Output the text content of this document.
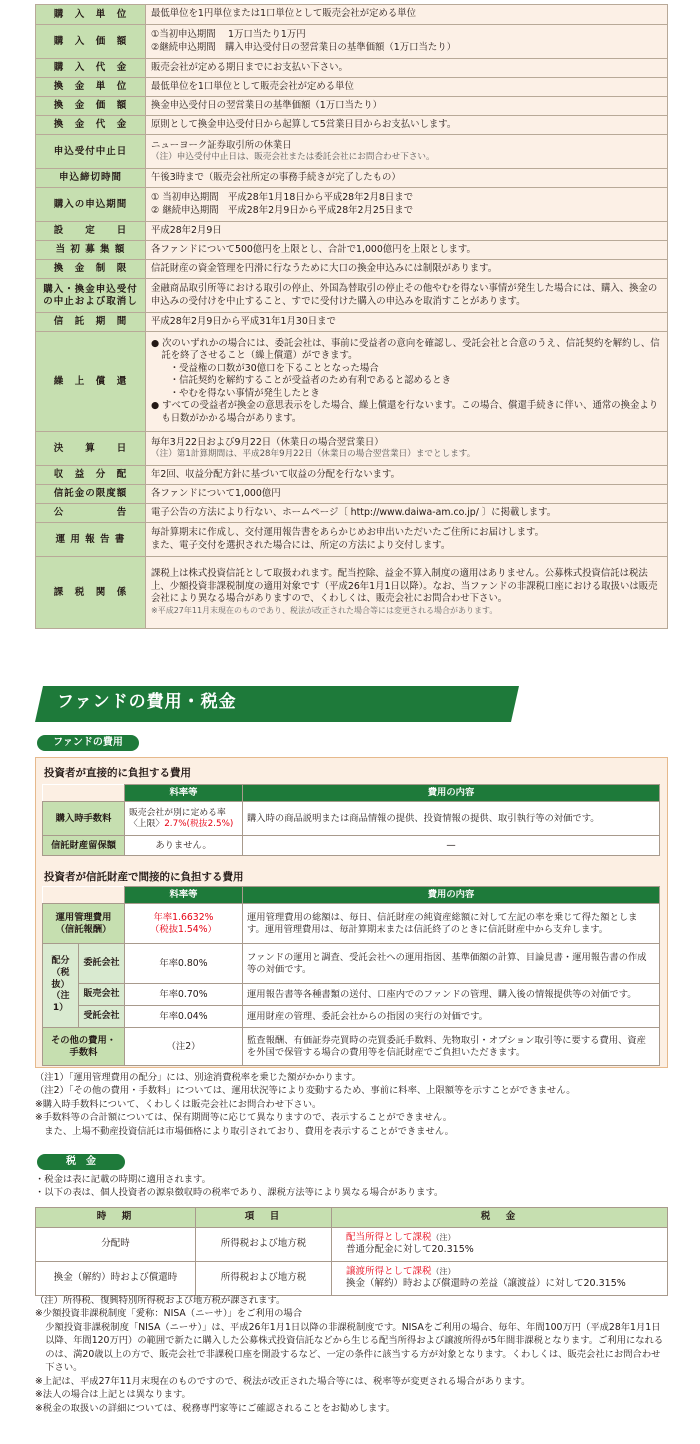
購　入　単　位	最低単位を1円単位または1口単位として販売会社が定める単位

購　入　価　額	①当初申込期間　 1万口当たり1万円
②継続申込期間　購入申込受付日の翌営業日の基準価額（1万口当たり）

購　入　代　金	販売会社が定める期日までにお支払い下さい。

換　金　単　位	最低単位を1口単位として販売会社が定める単位

換　金　価　額	換金申込受付日の翌営業日の基準価額（1万口当たり）

換　金　代　金	原則として換金申込受付日から起算して5営業日目からお支払いします。

申込受付中止日	ニューヨーク証券取引所の休業日
（注）申込受付中止日は、販売会社または委託会社にお問合わせ下さい。

申込締切時間	午後3時まで（販売会社所定の事務手続きが完了したもの）

購入の申込期間	① 当初申込期間　平成28年1月18日から平成28年2月8日まで
② 継続申込期間　平成28年2月9日から平成28年2月25日まで

設　　定　　日	平成28年2月9日

当 初 募 集 額	各ファンドについて500億円を上限とし、合計で1,000億円を上限とします。

換　金　制　限	信託財産の資金管理を円滑に行なうために大口の換金申込みには制限があります。

購入・換金申込受付の中止および取消し	金融商品取引所等における取引の停止、外国為替取引の停止その他やむを得ない事情が発生した場合には、購入、換金の申込みの受付けを中止すること、すでに受付けた購入の申込みを取消すことがあります。

信　託　期　間	平成28年2月9日から平成31年1月30日まで

繰　上　償　還	● 次のいずれかの場合には、委託会社は、事前に受益者の意向を確認し、受託会社と合意のうえ、信託契約を解約し、信託を終了させること（繰上償還）ができます。
・受益権の口数が30億口を下ることとなった場合
・信託契約を解約することが受益者のため有利であると認めるとき
・やむを得ない事情が発生したとき
● すべての受益者が換金の意思表示をした場合、繰上償還を行ないます。この場合、償還手続きに伴い、通常の換金よりも日数がかかる場合があります。

決　　算　　日	毎年3月22日および9月22日（休業日の場合翌営業日）
（注）第1計算期間は、平成28年9月22日（休業日の場合翌営業日）までとします。

収　益　分　配	年2回、収益分配方針に基づいて収益の分配を行ないます。

信託金の限度額	各ファンドについて1,000億円

公　　　　　告	電子公告の方法により行ない、ホームページ〔 http://www.daiwa-am.co.jp/ 〕に掲載します。

運 用 報 告 書	毎計算期末に作成し、交付運用報告書をあらかじめお申出いただいたご住所にお届けします。
また、電子交付を選択された場合には、所定の方法により交付します。

課　税　関　係	課税上は株式投資信託として取扱われます。配当控除、益金不算入制度の適用はありません。公募株式投資信託は税法上、少額投資非課税制度の適用対象です（平成26年1月1日以降）。なお、当ファンドの非課税口座における取扱いは販売会社により異なる場合がありますので、くわしくは、販売会社にお問合わせ下さい。
※平成27年11月末現在のものであり、税法が改正された場合等には変更される場合があります。
ファンドの費用・税金
ファンドの費用
投資者が直接的に負担する費用
	料率等	費用の内容
購入時手数料	販売会社が別に定める率
〈上限〉2.7%(税抜2.5%)	購入時の商品説明または商品情報の提供、投資情報の提供、取引執行等の対価です。
信託財産留保額	ありません。	—
投資者が信託財産で間接的に負担する費用
		料率等	費用の内容
運用管理費用（信託報酬）		年率1.6632%
（税抜1.54%）	運用管理費用の総額は、毎日、信託財産の純資産総額に対して左記の率を乗じて得た額とします。運用管理費用は、毎計算期末または信託終了のときに信託財産中から支弁します。
配分（税抜）（注1）	委託会社	年率0.80%	ファンドの運用と調査、受託会社への運用指図、基準価額の計算、目論見書・運用報告書の作成等の対価です。
	販売会社	年率0.70%	運用報告書等各種書類の送付、口座内でのファンドの管理、購入後の情報提供等の対価です。
	受託会社	年率0.04%	運用財産の管理、委託会社からの指図の実行の対価です。
その他の費用・手数料		（注2）	監査報酬、有価証券売買時の売買委託手数料、先物取引・オプション取引等に要する費用、資産を外国で保管する場合の費用等を信託財産でご負担いただきます。
（注1）「運用管理費用の配分」には、別途消費税率を乗じた額がかかります。
（注2）「その他の費用・手数料」については、運用状況等により変動するため、事前に料率、上限額等を示すことができません。
※購入時手数料について、くわしくは販売会社にお問合わせ下さい。
※手数料等の合計額については、保有期間等に応じて異なりますので、表示することができません。
　また、上場不動産投資信託は市場価格により取引されており、費用を表示することができません。
税　金
・税金は表に記載の時期に適用されます。
・以下の表は、個人投資者の源泉徴収時の税率であり、課税方法等により異なる場合があります。
時　期	項　目	税　金
分配時	所得税および地方税	配当所得として課税（注）
普通分配金に対して20.315%

換金（解約）時および償還時	所得税および地方税	譲渡所得として課税（注）
換金（解約）時および償還時の差益（譲渡益）に対して20.315%
（注）所得税、復興特別所得税および地方税が課されます。
※少額投資非課税制度「愛称：NISA（ニーサ）」をご利用の場合
少額投資非課税制度「NISA（ニーサ）」は、平成26年1月1日以降の非課税制度です。NISAをご利用の場合、毎年、年間100万円（平成28年1月1日以降、年間120万円）の範囲で新たに購入した公募株式投資信託などから生じる配当所得および譲渡所得が5年間非課税となります。ご利用になれるのは、満20歳以上の方で、販売会社で非課税口座を開設するなど、一定の条件に該当する方が対象となります。くわしくは、販売会社にお問合わせ下さい。
※上記は、平成27年11月末現在のものですので、税法が改正された場合等には、税率等が変更される場合があります。
※法人の場合は上記とは異なります。
※税金の取扱いの詳細については、税務専門家等にご確認されることをお勧めします。
